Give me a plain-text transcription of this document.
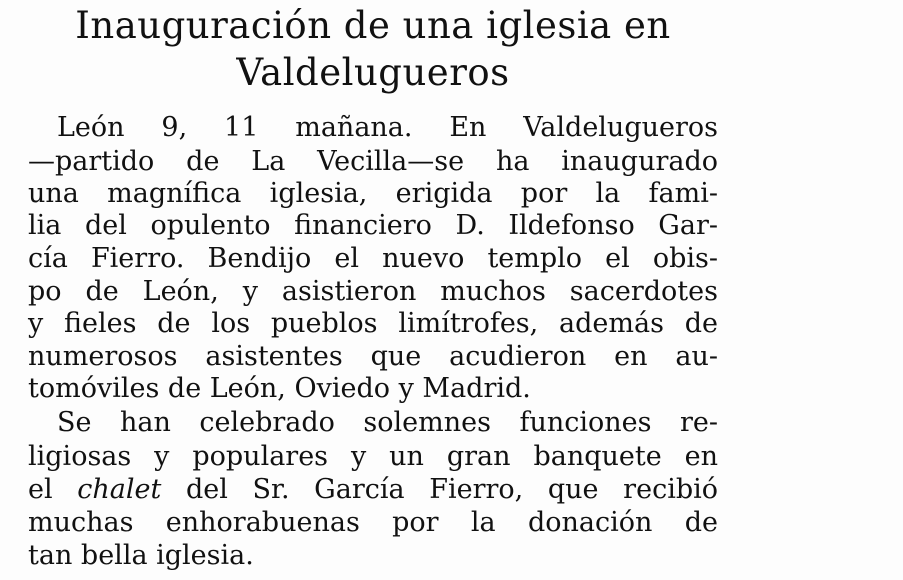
Inauguración de una iglesia en
Valdelugueros
León 9, 11 mañana. En Valdelugueros
—partido de La Vecilla—se ha inaugurado
una magnífica iglesia, erigida por la fami-
lia del opulento financiero D. Ildefonso Gar-
cía Fierro. Bendijo el nuevo templo el obis-
po de León, y asistieron muchos sacerdotes
y fieles de los pueblos limítrofes, además de
numerosos asistentes que acudieron en au-
tomóviles de León, Oviedo y Madrid.
Se han celebrado solemnes funciones re-
ligiosas y populares y un gran banquete en
el chalet del Sr. García Fierro, que recibió
muchas enhorabuenas por la donación de
tan bella iglesia.
